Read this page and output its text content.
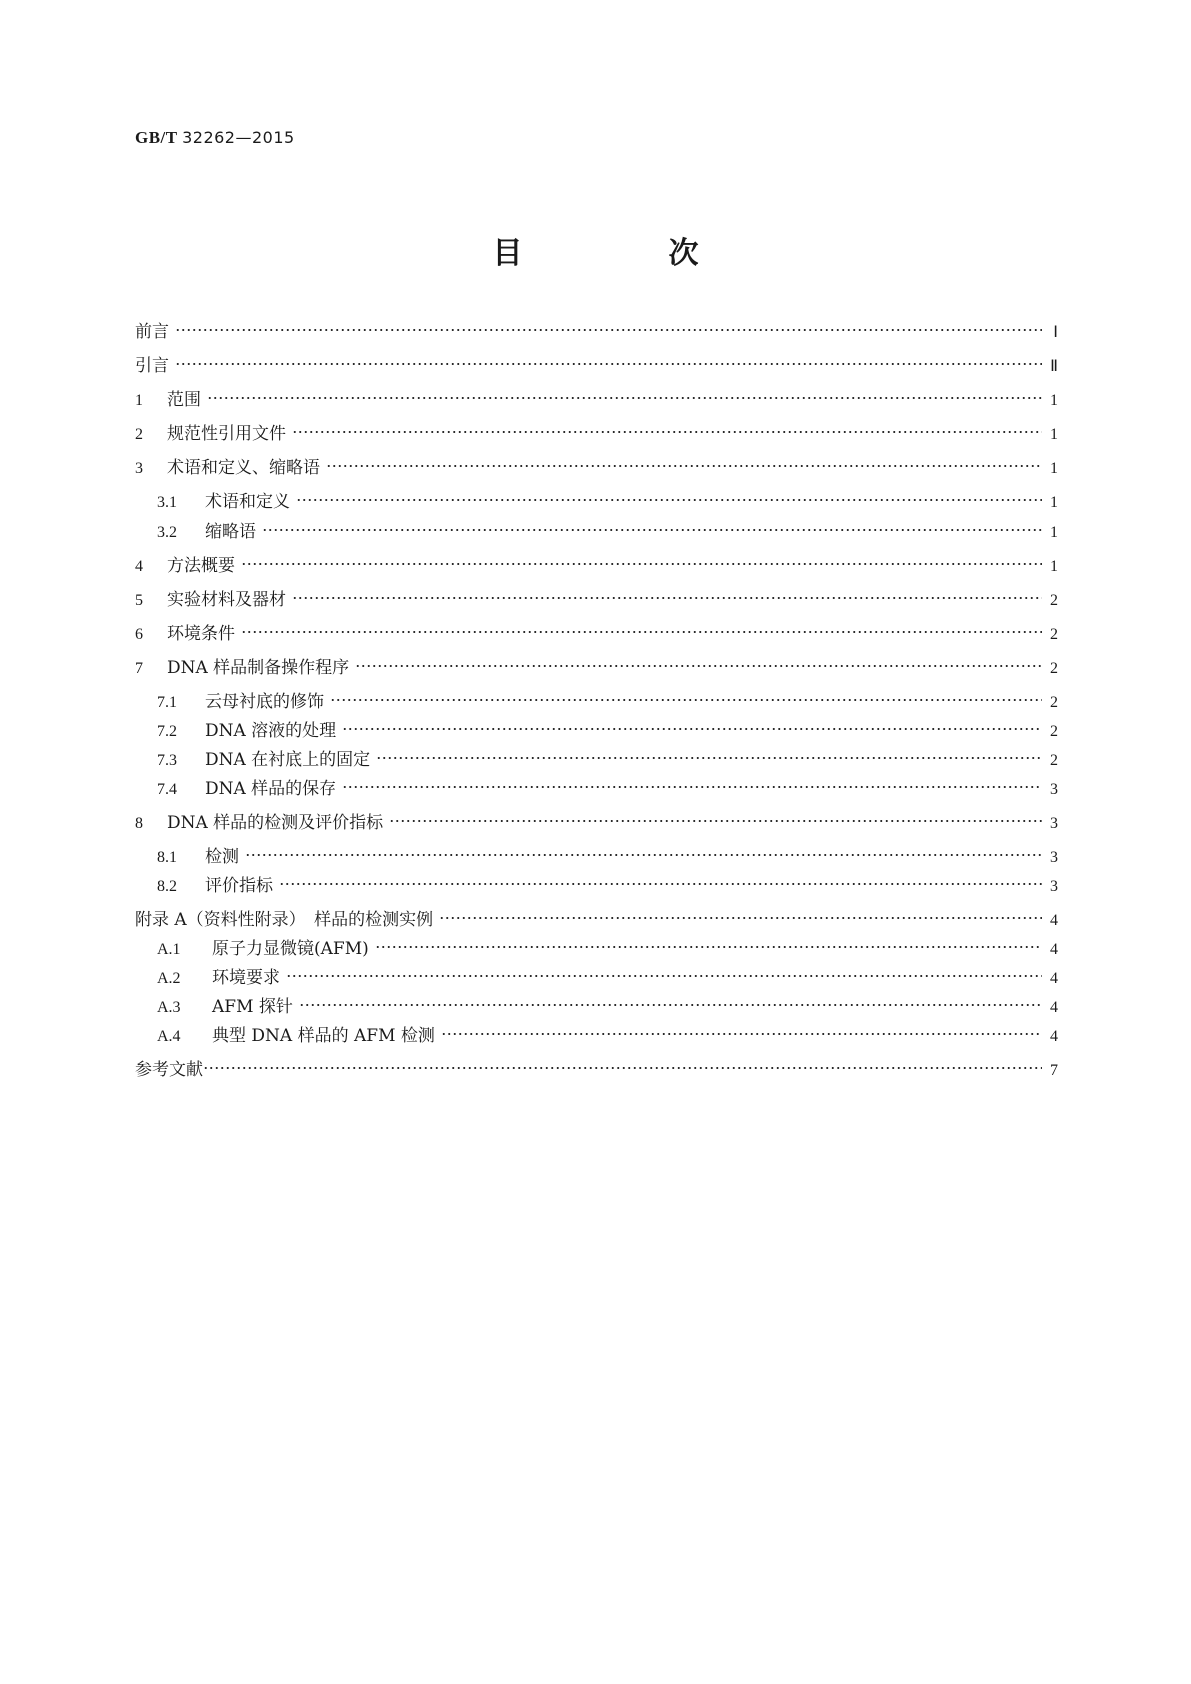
GB/T 32262—2015
目　次
前言	Ⅰ
引言	Ⅱ
1 范围	1
2 规范性引用文件	1
3 术语和定义、缩略语	1
3.1 术语和定义	1
3.2 缩略语	1
4 方法概要	1
5 实验材料及器材	2
6 环境条件	2
7 DNA 样品制备操作程序	2
7.1 云母衬底的修饰	2
7.2 DNA 溶液的处理	2
7.3 DNA 在衬底上的固定	2
7.4 DNA 样品的保存	3
8 DNA 样品的检测及评价指标	3
8.1 检测	3
8.2 评价指标	3
附录 A（资料性附录）　样品的检测实例	4
A.1 原子力显微镜(AFM)	4
A.2 环境要求	4
A.3 AFM 探针	4
A.4 典型 DNA 样品的 AFM 检测	4
参考文献	7
